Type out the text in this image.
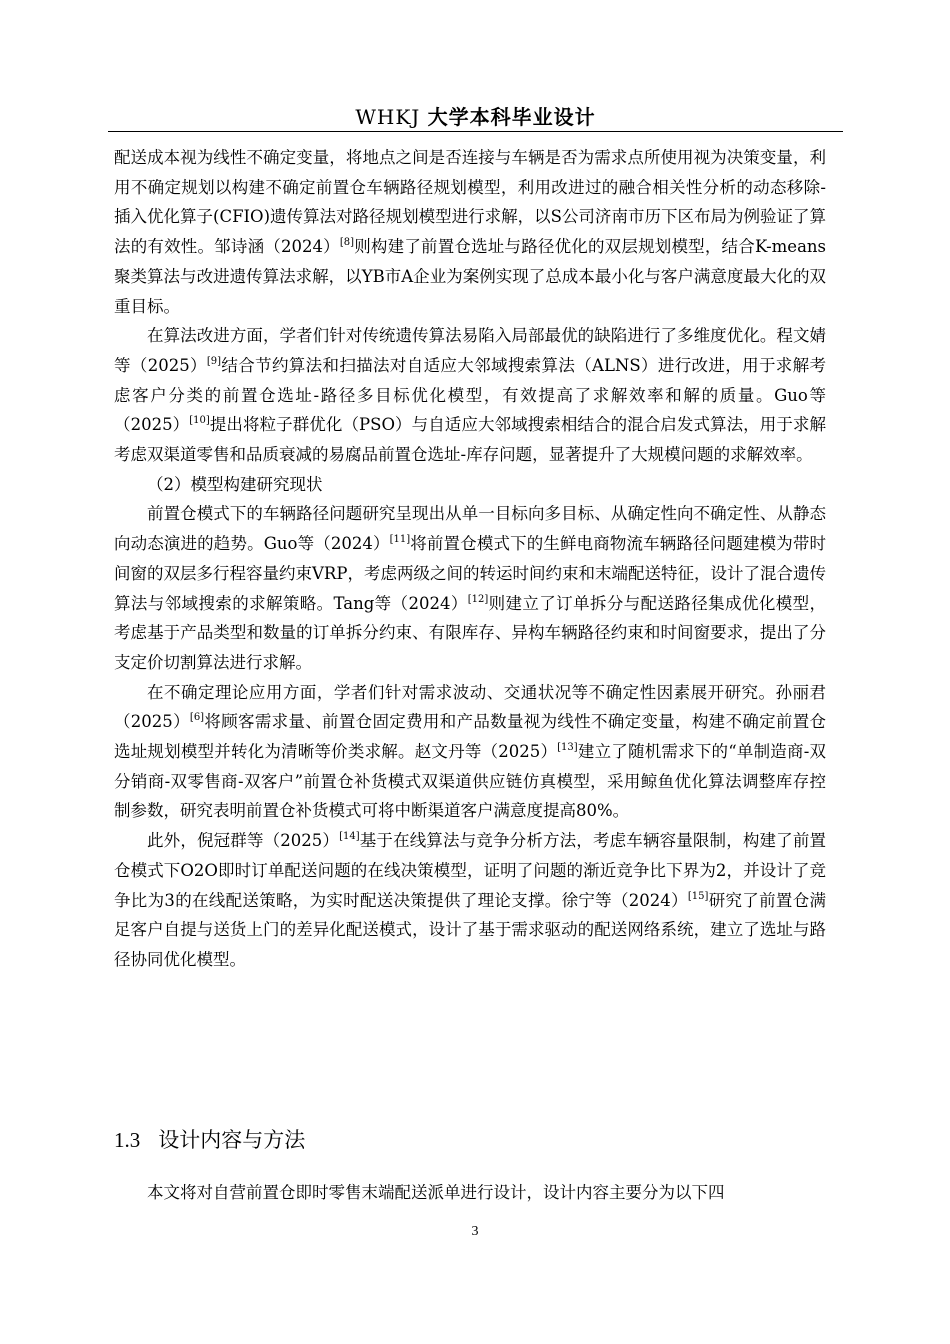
WHKJ 大学本科毕业设计

配送成本视为线性不确定变量，将地点之间是否连接与车辆是否为需求点所使用视为决策变量，利用不确定规划以构建不确定前置仓车辆路径规划模型，利用改进过的融合相关性分析的动态移除-插入优化算子(CFIO)遗传算法对路径规划模型进行求解，以S公司济南市历下区布局为例验证了算法的有效性。邹诗涵（2024）[8]则构建了前置仓选址与路径优化的双层规划模型，结合K-means聚类算法与改进遗传算法求解，以YB市A企业为案例实现了总成本最小化与客户满意度最大化的双重目标。

在算法改进方面，学者们针对传统遗传算法易陷入局部最优的缺陷进行了多维度优化。程文婧等（2025）[9]结合节约算法和扫描法对自适应大邻域搜索算法（ALNS）进行改进，用于求解考虑客户分类的前置仓选址-路径多目标优化模型，有效提高了求解效率和解的质量。Guo等（2025）[10]提出将粒子群优化（PSO）与自适应大邻域搜索相结合的混合启发式算法，用于求解考虑双渠道零售和品质衰减的易腐品前置仓选址-库存问题，显著提升了大规模问题的求解效率。

（2）模型构建研究现状

前置仓模式下的车辆路径问题研究呈现出从单一目标向多目标、从确定性向不确定性、从静态向动态演进的趋势。Guo等（2024）[11]将前置仓模式下的生鲜电商物流车辆路径问题建模为带时间窗的双层多行程容量约束VRP，考虑两级之间的转运时间约束和末端配送特征，设计了混合遗传算法与邻域搜索的求解策略。Tang等（2024）[12]则建立了订单拆分与配送路径集成优化模型，考虑基于产品类型和数量的订单拆分约束、有限库存、异构车辆路径约束和时间窗要求，提出了分支定价切割算法进行求解。

在不确定理论应用方面，学者们针对需求波动、交通状况等不确定性因素展开研究。孙丽君（2025）[6]将顾客需求量、前置仓固定费用和产品数量视为线性不确定变量，构建不确定前置仓选址规划模型并转化为清晰等价类求解。赵文丹等（2025）[13]建立了随机需求下的“单制造商-双分销商-双零售商-双客户”前置仓补货模式双渠道供应链仿真模型，采用鲸鱼优化算法调整库存控制参数，研究表明前置仓补货模式可将中断渠道客户满意度提高80%。

此外，倪冠群等（2025）[14]基于在线算法与竞争分析方法，考虑车辆容量限制，构建了前置仓模式下O2O即时订单配送问题的在线决策模型，证明了问题的渐近竞争比下界为2，并设计了竞争比为3的在线配送策略，为实时配送决策提供了理论支撑。徐宁等（2024）[15]研究了前置仓满足客户自提与送货上门的差异化配送模式，设计了基于需求驱动的配送网络系统，建立了选址与路径协同优化模型。

1.3 设计内容与方法

本文将对自营前置仓即时零售末端配送派单进行设计，设计内容主要分为以下四

3
